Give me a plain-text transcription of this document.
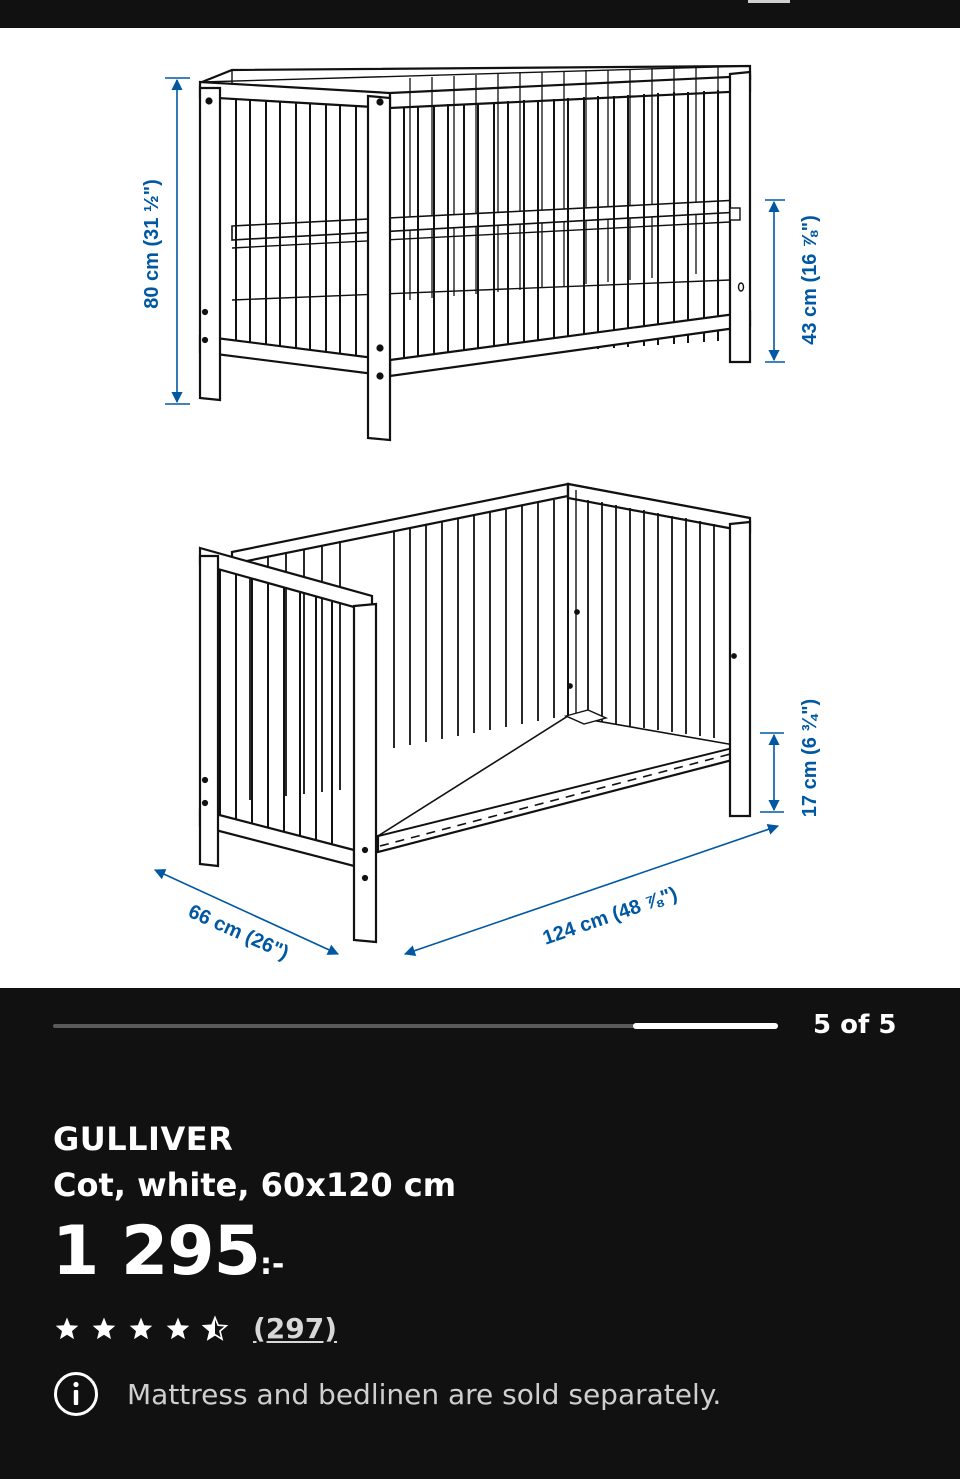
80 cm (31 ½")	43 cm (16 ⅞")
17 cm (6 ¾")
66 cm (26")	124 cm (48 ⅞")
5 of 5
GULLIVER
Cot, white, 60x120 cm
1 295:-
(297)
Mattress and bedlinen are sold separately.
